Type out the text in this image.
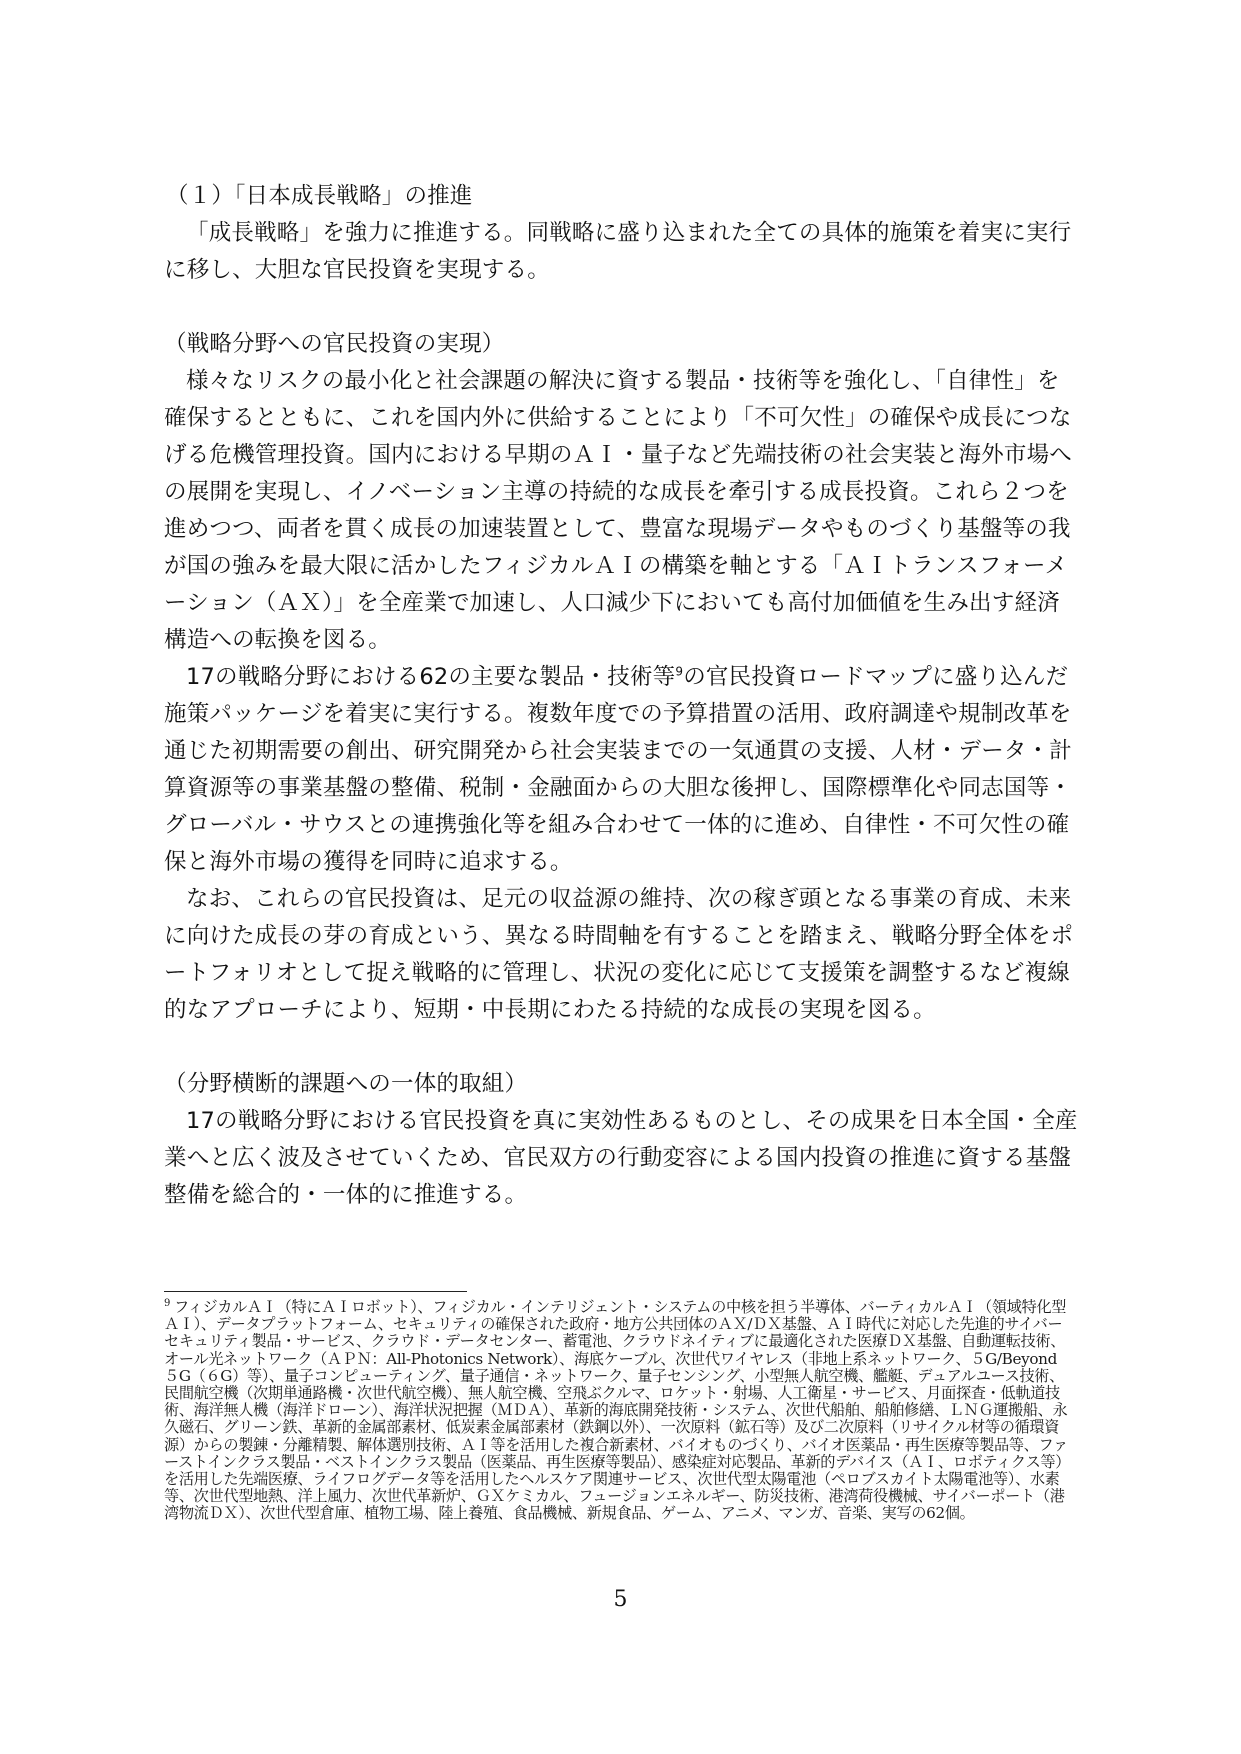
（１）「日本成長戦略」の推進

「成長戦略」を強力に推進する。同戦略に盛り込まれた全ての具体的施策を着実に実行に移し、大胆な官民投資を実現する。

（戦略分野への官民投資の実現）

様々なリスクの最小化と社会課題の解決に資する製品・技術等を強化し、「自律性」を確保するとともに、これを国内外に供給することにより「不可欠性」の確保や成長につなげる危機管理投資。国内における早期のＡＩ・量子など先端技術の社会実装と海外市場への展開を実現し、イノベーション主導の持続的な成長を牽引する成長投資。これら２つを進めつつ、両者を貫く成長の加速装置として、豊富な現場データやものづくり基盤等の我が国の強みを最大限に活かしたフィジカルＡＩの構築を軸とする「ＡＩトランスフォーメーション（ＡＸ）」を全産業で加速し、人口減少下においても高付加価値を生み出す経済構造への転換を図る。

17の戦略分野における62の主要な製品・技術等$^9$の官民投資ロードマップに盛り込んだ施策パッケージを着実に実行する。複数年度での予算措置の活用、政府調達や規制改革を通じた初期需要の創出、研究開発から社会実装までの一気通貫の支援、人材・データ・計算資源等の事業基盤の整備、税制・金融面からの大胆な後押し、国際標準化や同志国等・グローバル・サウスとの連携強化等を組み合わせて一体的に進め、自律性・不可欠性の確保と海外市場の獲得を同時に追求する。

なお、これらの官民投資は、足元の収益源の維持、次の稼ぎ頭となる事業の育成、未来に向けた成長の芽の育成という、異なる時間軸を有することを踏まえ、戦略分野全体をポートフォリオとして捉え戦略的に管理し、状況の変化に応じて支援策を調整するなど複線的なアプローチにより、短期・中長期にわたる持続的な成長の実現を図る。

（分野横断的課題への一体的取組）

17の戦略分野における官民投資を真に実効性あるものとし、その成果を日本全国・全産業へと広く波及させていくため、官民双方の行動変容による国内投資の推進に資する基盤整備を総合的・一体的に推進する。

$^9$ フィジカルＡＩ（特にＡＩロボット）、フィジカル・インテリジェント・システムの中核を担う半導体、バーティカルＡＩ（領域特化型ＡＩ）、データプラットフォーム、セキュリティの確保された政府・地方公共団体のＡＸ/ＤＸ基盤、ＡＩ時代に対応した先進的サイバーセキュリティ製品・サービス、クラウド・データセンター、蓄電池、クラウドネイティブに最適化された医療ＤＸ基盤、自動運転技術、オール光ネットワーク（ＡＰＮ：All-Photonics Network）、海底ケーブル、次世代ワイヤレス（非地上系ネットワーク、５G/Beyond ５G（６G）等）、量子コンピューティング、量子通信・ネットワーク、量子センシング、小型無人航空機、艦艇、デュアルユース技術、民間航空機（次期単通路機・次世代航空機）、無人航空機、空飛ぶクルマ、ロケット・射場、人工衛星・サービス、月面探査・低軌道技術、海洋無人機（海洋ドローン）、海洋状況把握（ＭＤＡ）、革新的海底開発技術・システム、次世代船舶、船舶修繕、ＬＮＧ運搬船、永久磁石、グリーン鉄、革新的金属部素材、低炭素金属部素材（鉄鋼以外）、一次原料（鉱石等）及び二次原料（リサイクル材等の循環資源）からの製錬・分離精製、解体選別技術、ＡＩ等を活用した複合新素材、バイオものづくり、バイオ医薬品・再生医療等製品等、ファーストインクラス製品・ベストインクラス製品（医薬品、再生医療等製品）、感染症対応製品、革新的デバイス（ＡＩ、ロボティクス等）を活用した先端医療、ライフログデータ等を活用したヘルスケア関連サービス、次世代型太陽電池（ペロブスカイト太陽電池等）、水素等、次世代型地熱、洋上風力、次世代革新炉、ＧＸケミカル、フュージョンエネルギー、防災技術、港湾荷役機械、サイバーポート（港湾物流ＤＸ）、次世代型倉庫、植物工場、陸上養殖、食品機械、新規食品、ゲーム、アニメ、マンガ、音楽、実写の62個。

5
